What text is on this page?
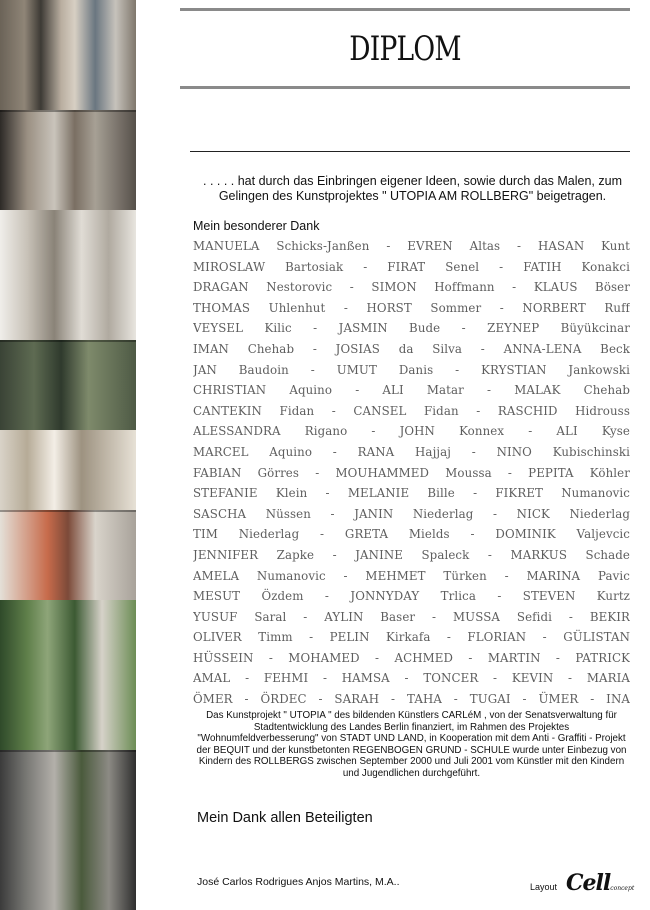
DIPLOM
. . . . . hat durch das Einbringen eigener Ideen, sowie durch das Malen, zum Gelingen des Kunstprojektes " UTOPIA AM ROLLBERG" beigetragen.
Mein besonderer Dank
MANUELA Schicks-Janßen - EVREN Altas - HASAN Kunt
MIROSLAW Bartosiak - FIRAT Senel - FATIH Konakci
DRAGAN Nestorovic - SIMON Hoffmann - KLAUS Böser
THOMAS Uhlenhut - HORST Sommer - NORBERT Ruff
VEYSEL Kilic - JASMIN Bude - ZEYNEP Büyükcinar
IMAN Chehab - JOSIAS da Silva - ANNA-LENA Beck
JAN Baudoin - UMUT Danis - KRYSTIAN Jankowski
CHRISTIAN Aquino - ALI Matar - MALAK Chehab
CANTEKIN Fidan - CANSEL Fidan - RASCHID Hidrouss
ALESSANDRA Rigano - JOHN Konnex - ALI Kyse
MARCEL Aquino - RANA Hajjaj - NINO Kubischinski
FABIAN Görres - MOUHAMMED Moussa - PEPITA Köhler
STEFANIE Klein - MELANIE Bille - FIKRET Numanovic
SASCHA Nüssen - JANIN Niederlag - NICK Niederlag
TIM Niederlag - GRETA Mields - DOMINIK Valjevcic
JENNIFER Zapke - JANINE Spaleck - MARKUS Schade
AMELA Numanovic - MEHMET Türken - MARINA Pavic
MESUT Özdem - JONNYDAY Trlica - STEVEN Kurtz
YUSUF Saral - AYLIN Baser - MUSSA Sefidi - BEKIR
OLIVER Timm - PELIN Kirkafa - FLORIAN - GÜLISTAN
HÜSSEIN - MOHAMED - ACHMED - MARTIN - PATRICK
AMAL - FEHMI - HAMSA - TONCER - KEVIN - MARIA
ÖMER - ÖRDEC - SARAH - TAHA - TUGAI - ÜMER - INA
Das Kunstprojekt " UTOPIA " des bildenden Künstlers CARLéM , von der Senatsverwaltung für Stadtentwicklung des Landes Berlin finanziert, im Rahmen des Projektes "Wohnumfeldverbesserung" von STADT UND LAND, in Kooperation mit dem Anti - Graffiti - Projekt der BEQUIT und der kunstbetonten REGENBOGEN GRUND - SCHULE wurde unter Einbezug von Kindern des ROLLBERGS zwischen September 2000 und Juli 2001 vom Künstler mit den Kindern und Jugendlichen durchgeführt.
Mein Dank allen Beteiligten
José Carlos Rodrigues Anjos Martins, M.A..	Layout Cellconcept
